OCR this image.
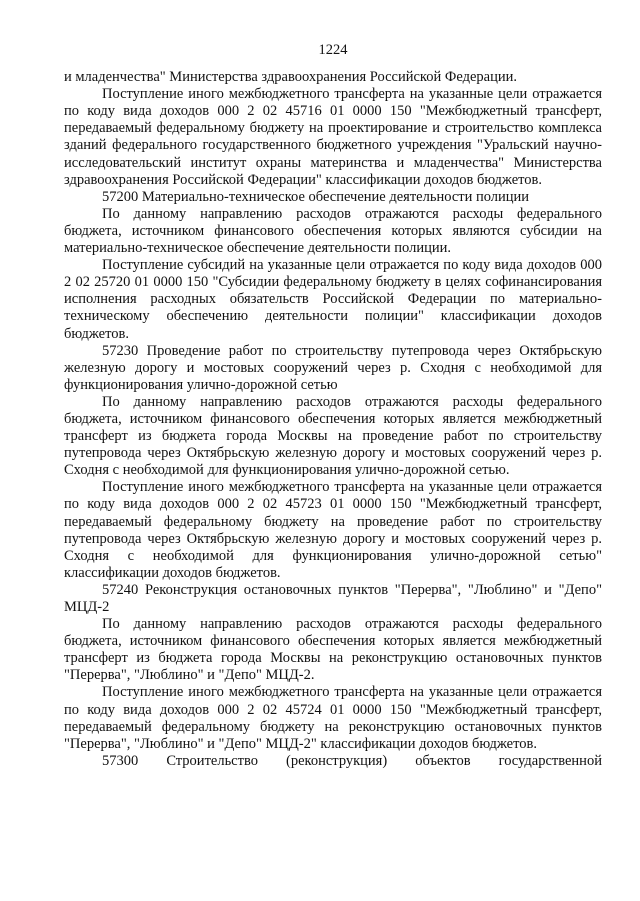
1224

и младенчества" Министерства здравоохранения Российской Федерации.

Поступление иного межбюджетного трансферта на указанные цели отражается по коду вида доходов 000 2 02 45716 01 0000 150 "Межбюджетный трансферт, передаваемый федеральному бюджету на проектирование и строительство комплекса зданий федерального государственного бюджетного учреждения "Уральский научно-исследовательский институт охраны материнства и младенчества" Министерства здравоохранения Российской Федерации" классификации доходов бюджетов.

57200 Материально-техническое обеспечение деятельности полиции

По данному направлению расходов отражаются расходы федерального бюджета, источником финансового обеспечения которых являются субсидии на материально-техническое обеспечение деятельности полиции.

Поступление субсидий на указанные цели отражается по коду вида доходов 000 2 02 25720 01 0000 150 "Субсидии федеральному бюджету в целях софинансирования исполнения расходных обязательств Российской Федерации по материально-техническому обеспечению деятельности полиции" классификации доходов бюджетов.

57230 Проведение работ по строительству путепровода через Октябрьскую железную дорогу и мостовых сооружений через р. Сходня с необходимой для функционирования улично-дорожной сетью

По данному направлению расходов отражаются расходы федерального бюджета, источником финансового обеспечения которых является межбюджетный трансферт из бюджета города Москвы на проведение работ по строительству путепровода через Октябрьскую железную дорогу и мостовых сооружений через р. Сходня с необходимой для функционирования улично-дорожной сетью.

Поступление иного межбюджетного трансферта на указанные цели отражается по коду вида доходов 000 2 02 45723 01 0000 150 "Межбюджетный трансферт, передаваемый федеральному бюджету на проведение работ по строительству путепровода через Октябрьскую железную дорогу и мостовых сооружений через р. Сходня с необходимой для функционирования улично-дорожной сетью" классификации доходов бюджетов.

57240 Реконструкция остановочных пунктов "Перерва", "Люблино" и "Депо" МЦД-2

По данному направлению расходов отражаются расходы федерального бюджета, источником финансового обеспечения которых является межбюджетный трансферт из бюджета города Москвы на реконструкцию остановочных пунктов "Перерва", "Люблино" и "Депо" МЦД-2.

Поступление иного межбюджетного трансферта на указанные цели отражается по коду вида доходов 000 2 02 45724 01 0000 150 "Межбюджетный трансферт, передаваемый федеральному бюджету на реконструкцию остановочных пунктов "Перерва", "Люблино" и "Депо" МЦД-2" классификации доходов бюджетов.

57300 Строительство (реконструкция) объектов государственной
